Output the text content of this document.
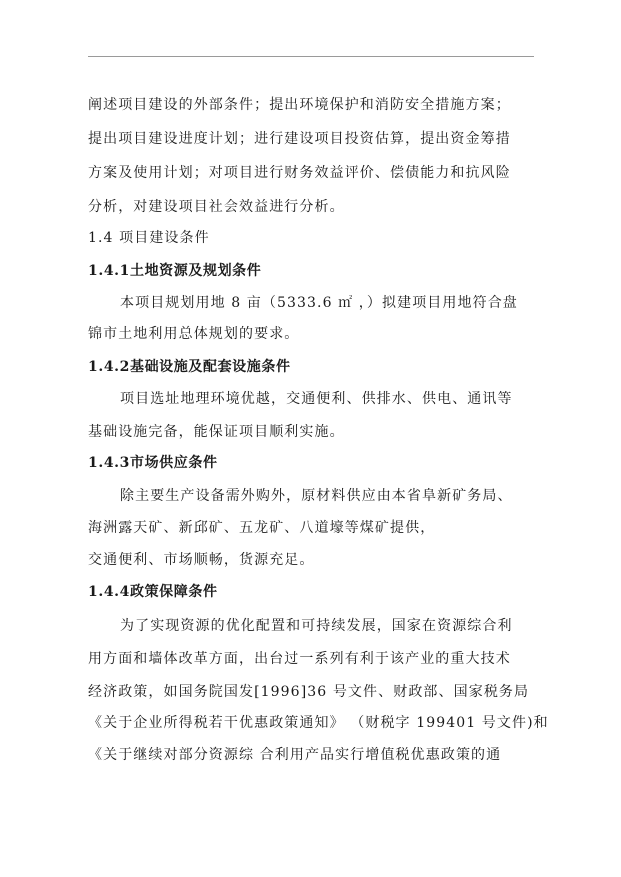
阐述项目建设的外部条件；提出环境保护和消防安全措施方案；
提出项目建设进度计划；进行建设项目投资估算，提出资金筹措
方案及使用计划；对项目进行财务效益评价、偿债能力和抗风险
分析，对建设项目社会效益进行分析。
1.4 项目建设条件
1.4.1土地资源及规划条件
本项目规划用地 8 亩（5333.6 ㎡ ，）拟建项目用地符合盘
锦市土地利用总体规划的要求。
1.4.2基础设施及配套设施条件
项目选址地理环境优越，交通便利、供排水、供电、通讯等
基础设施完备，能保证项目顺利实施。
1.4.3市场供应条件
除主要生产设备需外购外，原材料供应由本省阜新矿务局、
海洲露天矿、新邱矿、五龙矿、八道壕等煤矿提供，
交通便利、市场顺畅，货源充足。
1.4.4政策保障条件
为了实现资源的优化配置和可持续发展，国家在资源综合利
用方面和墙体改革方面，出台过一系列有利于该产业的重大技术
经济政策，如国务院国发[1996]36 号文件、财政部、国家税务局
《关于企业所得税若干优惠政策通知》 （财税字 199401 号文件)和
《关于继续对部分资源综 合利用产品实行增值税优惠政策的通
